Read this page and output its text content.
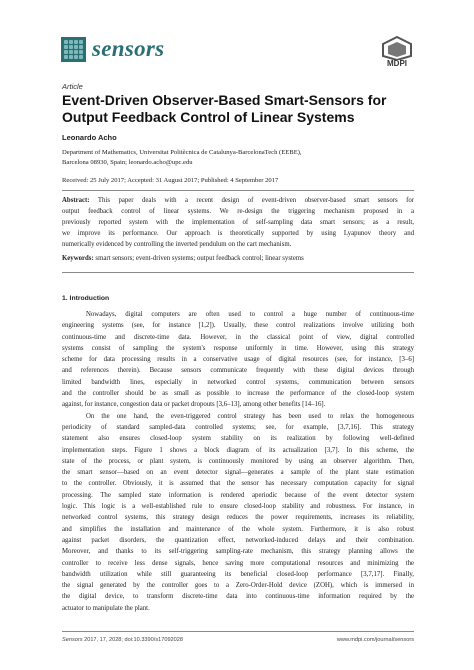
sensors
MDPI
Article
Event-Driven Observer-Based Smart-Sensors for
Output Feedback Control of Linear Systems
Leonardo Acho
Department of Mathematics, Universitat Politècnica de Catalunya-BarcelonaTech (EEBE),
Barcelona 08930, Spain; leonardo.acho@upc.edu
Received: 25 July 2017; Accepted: 31 August 2017; Published: 4 September 2017
Abstract: This paper deals with a recent design of event-driven observer-based smart sensors for
output feedback control of linear systems. We re-design the triggering mechanism proposed in a
previously reported system with the implementation of self-sampling data smart sensors; as a result,
we improve its performance. Our approach is theoretically supported by using Lyapunov theory and
numerically evidenced by controlling the inverted pendulum on the cart mechanism.
Keywords: smart sensors; event-driven systems; output feedback control; linear systems
1. Introduction
Nowadays, digital computers are often used to control a huge number of continuous-time
engineering systems (see, for instance [1,2]). Usually, these control realizations involve utilizing both
continuous-time and discrete-time data. However, in the classical point of view, digital controlled
systems consist of sampling the system's response uniformly in time. However, using this strategy
scheme for data processing results in a conservative usage of digital resources (see, for instance, [3–6]
and references therein). Because sensors communicate frequently with these digital devices through
limited bandwidth lines, especially in networked control systems, communication between sensors
and the controller should be as small as possible to increase the performance of the closed-loop system
against, for instance, congestion data or packet dropouts [3,6–13], among other benefits [14–16].
On the one hand, the even-triggered control strategy has been used to relax the homogeneous
periodicity of standard sampled-data controlled systems; see, for example, [3,7,16]. This strategy
statement also ensures closed-loop system stability on its realization by following well-defined
implementation steps. Figure 1 shows a block diagram of its actualization [3,7]. In this scheme, the
state of the process, or plant system, is continuously monitored by using an observer algorithm. Then,
the smart sensor—based on an event detector signal—generates a sample of the plant state estimation
to the controller. Obviously, it is assumed that the sensor has necessary computation capacity for signal
processing. The sampled state information is rendered aperiodic because of the event detector system
logic. This logic is a well-established rule to ensure closed-loop stability and robustness. For instance, in
networked control systems, this strategy design reduces the power requirements, increases its reliability,
and simplifies the installation and maintenance of the whole system. Furthermore, it is also robust
against packet disorders, the quantization effect, networked-induced delays and their combination.
Moreover, and thanks to its self-triggering sampling-rate mechanism, this strategy planning allows the
controller to receive less dense signals, hence saving more computational resources and minimizing the
bandwidth utilization while still guaranteeing its beneficial closed-loop performance [3,7,17]. Finally,
the signal generated by the controller goes to a Zero-Order-Hold device (ZOH), which is immersed in
the digital device, to transform discrete-time data into continuous-time information required by the
actuator to manipulate the plant.
Sensors 2017, 17, 2028; doi:10.3390/s17092028	www.mdpi.com/journal/sensors
